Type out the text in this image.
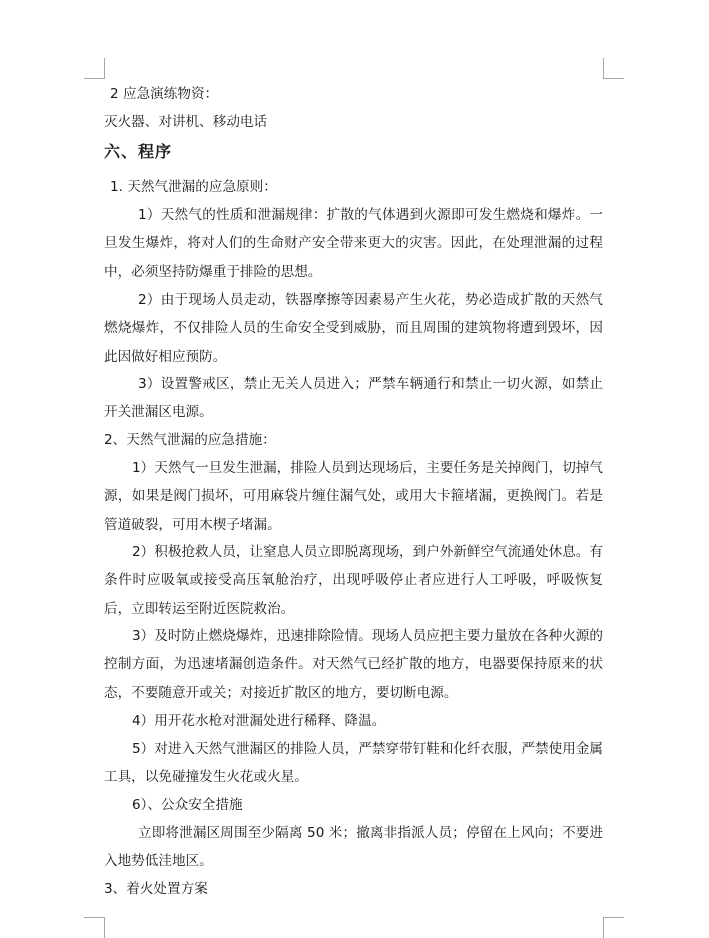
2 应急演练物资：
灭火器、对讲机、移动电话
六、程序
1. 天然气泄漏的应急原则：
1）天然气的性质和泄漏规律：扩散的气体遇到火源即可发生燃烧和爆炸。一旦发生爆炸，将对人们的生命财产安全带来更大的灾害。因此，在处理泄漏的过程中，必须坚持防爆重于排险的思想。
2）由于现场人员走动，铁器摩擦等因素易产生火花，势必造成扩散的天然气燃烧爆炸，不仅排险人员的生命安全受到威胁，而且周围的建筑物将遭到毁坏，因此因做好相应预防。
3）设置警戒区，禁止无关人员进入；严禁车辆通行和禁止一切火源，如禁止开关泄漏区电源。
2、天然气泄漏的应急措施：
1）天然气一旦发生泄漏，排险人员到达现场后，主要任务是关掉阀门，切掉气源，如果是阀门损坏，可用麻袋片缠住漏气处，或用大卡箍堵漏，更换阀门。若是管道破裂，可用木楔子堵漏。
2）积极抢救人员，让窒息人员立即脱离现场，到户外新鲜空气流通处休息。有条件时应吸氧或接受高压氧舱治疗，出现呼吸停止者应进行人工呼吸，呼吸恢复后，立即转运至附近医院救治。
3）及时防止燃烧爆炸，迅速排除险情。现场人员应把主要力量放在各种火源的控制方面，为迅速堵漏创造条件。对天然气已经扩散的地方，电器要保持原来的状态，不要随意开或关；对接近扩散区的地方，要切断电源。
4）用开花水枪对泄漏处进行稀释、降温。
5）对进入天然气泄漏区的排险人员，严禁穿带钉鞋和化纤衣服，严禁使用金属工具，以免碰撞发生火花或火星。
6）、公众安全措施
立即将泄漏区周围至少隔离 50 米；撤离非指派人员；停留在上风向；不要进入地势低洼地区。
3、着火处置方案
